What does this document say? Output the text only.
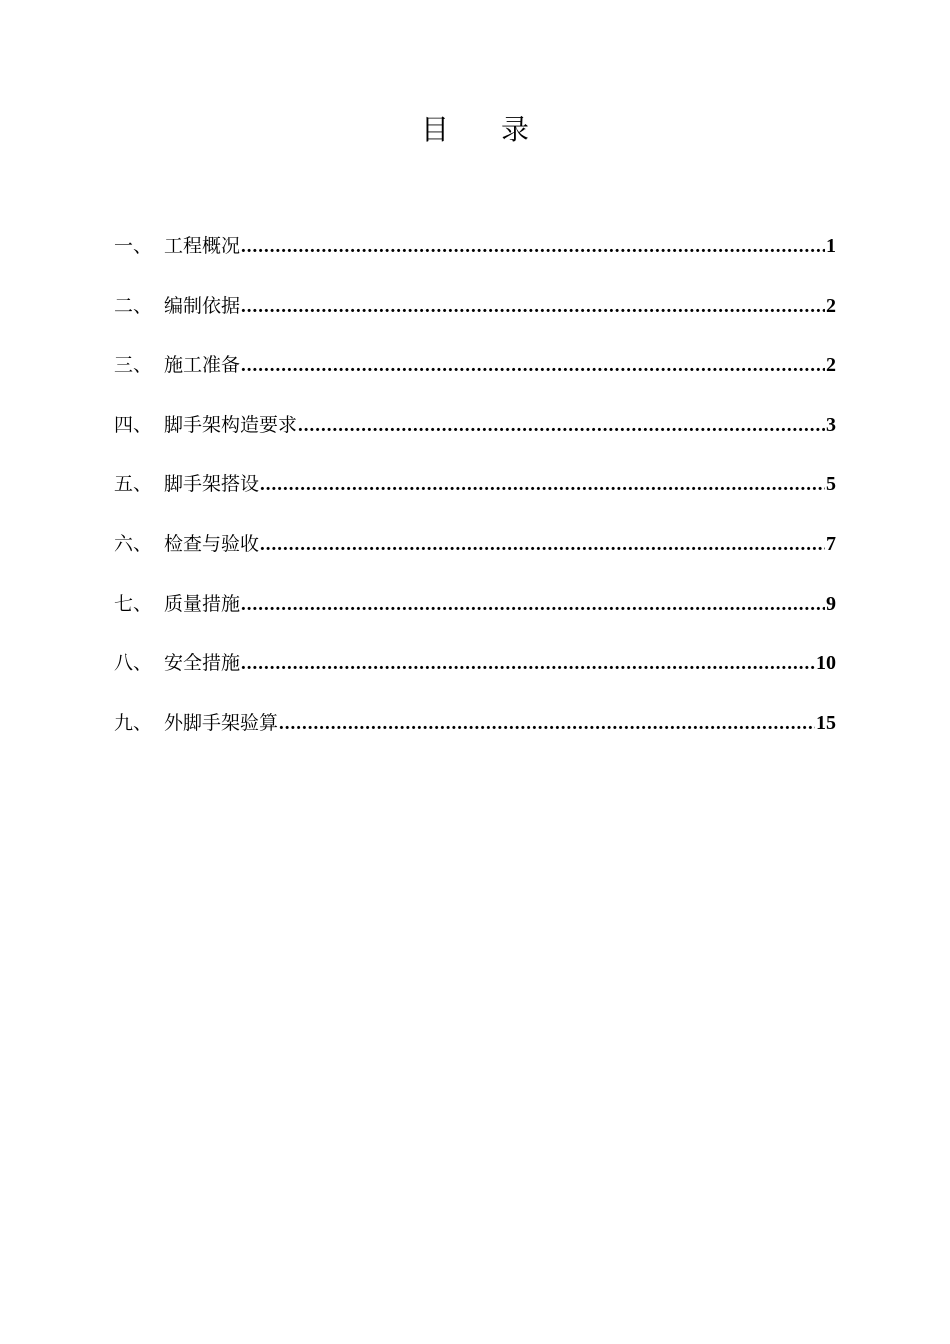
目 录
一、 工程概况 .....	1
二、 编制依据 .....	2
三、 施工准备 .....	2
四、 脚手架构造要求 .....	3
五、 脚手架搭设 .....	5
六、 检查与验收 .....	7
七、 质量措施 .....	9
八、 安全措施 .....	10
九、 外脚手架验算 .....	15
